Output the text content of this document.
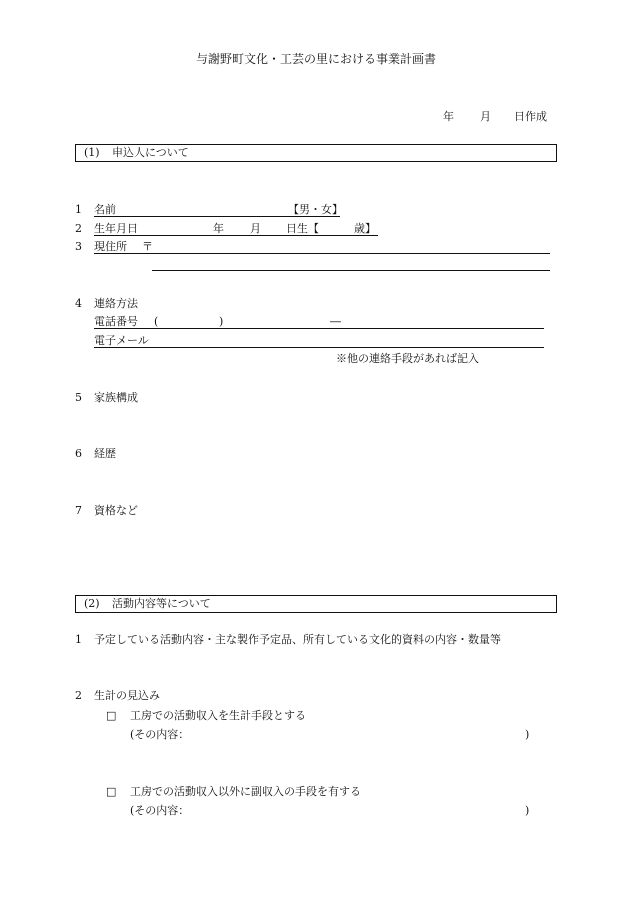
与謝野町文化・工芸の里における事業計画書
年 月 日作成
(1) 申込人について
1 名前	【男・女】
2 生年月日	年 月 日生【	歳】
3 現住所 〒
4 連絡方法
電話番号 (	)	―
電子メール
※他の連絡手段があれば記入
5 家族構成
6 経歴
7 資格など
(2) 活動内容等について
1 予定している活動内容・主な製作予定品、所有している文化的資料の内容・数量等
2 生計の見込み
□ 工房での活動収入を生計手段とする
(その内容：	)
□ 工房での活動収入以外に副収入の手段を有する
(その内容：	)
